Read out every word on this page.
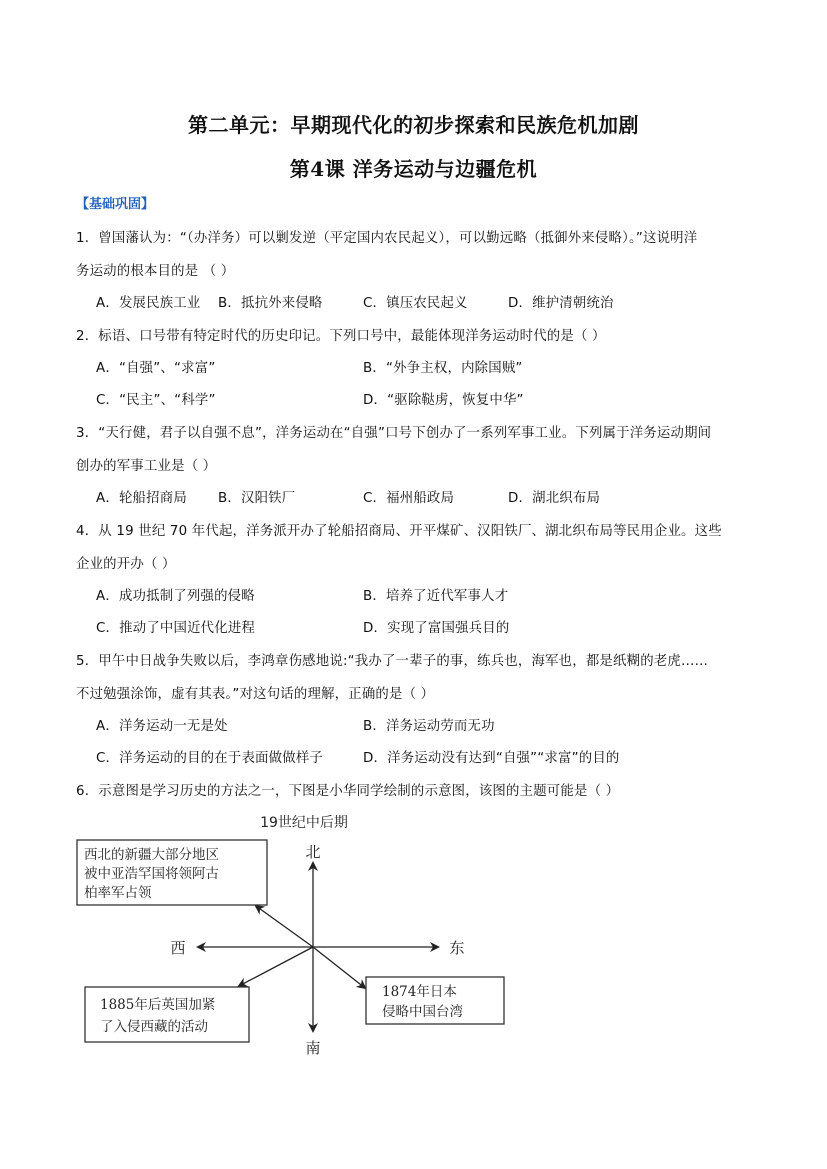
第二单元：早期现代化的初步探索和民族危机加剧
第4课 洋务运动与边疆危机
【基础巩固】
1．曾国藩认为：“（办洋务）可以剿发逆（平定国内农民起义），可以勤远略（抵御外来侵略）。”这说明洋
务运动的根本目的是 （ ）
A．发展民族工业 B．抵抗外来侵略	C．镇压农民起义	D．维护清朝统治
2．标语、口号带有特定时代的历史印记。下列口号中，最能体现洋务运动时代的是（ ）
A．“自强”、“求富”	B．“外争主权，内除国贼”
C．“民主”、“科学”	D．“驱除鞑虏，恢复中华”
3．“天行健，君子以自强不息”，洋务运动在“自强”口号下创办了一系列军事工业。下列属于洋务运动期间
创办的军事工业是（ ）
A．轮船招商局 B．汉阳铁厂	C．福州船政局	D．湖北织布局
4．从 19 世纪 70 年代起，洋务派开办了轮船招商局、开平煤矿、汉阳铁厂、湖北织布局等民用企业。这些
企业的开办（ ）
A．成功抵制了列强的侵略	B．培养了近代军事人才
C．推动了中国近代化进程	D．实现了富国强兵目的
5．甲午中日战争失败以后，李鸿章伤感地说:“我办了一辈子的事，练兵也，海军也，都是纸糊的老虎……
不过勉强涂饰，虚有其表。”对这句话的理解，正确的是（ ）
A．洋务运动一无是处	B．洋务运动劳而无功
C．洋务运动的目的在于表面做做样子	D．洋务运动没有达到“自强”“求富”的目的
6．示意图是学习历史的方法之一，下图是小华同学绘制的示意图，该图的主题可能是（ ）
19世纪中后期
北
南
西	东
西北的新疆大部分地区
被中亚浩罕国将领阿古
柏率军占领
1885年后英国加紧
了入侵西藏的活动
1874年日本
侵略中国台湾
